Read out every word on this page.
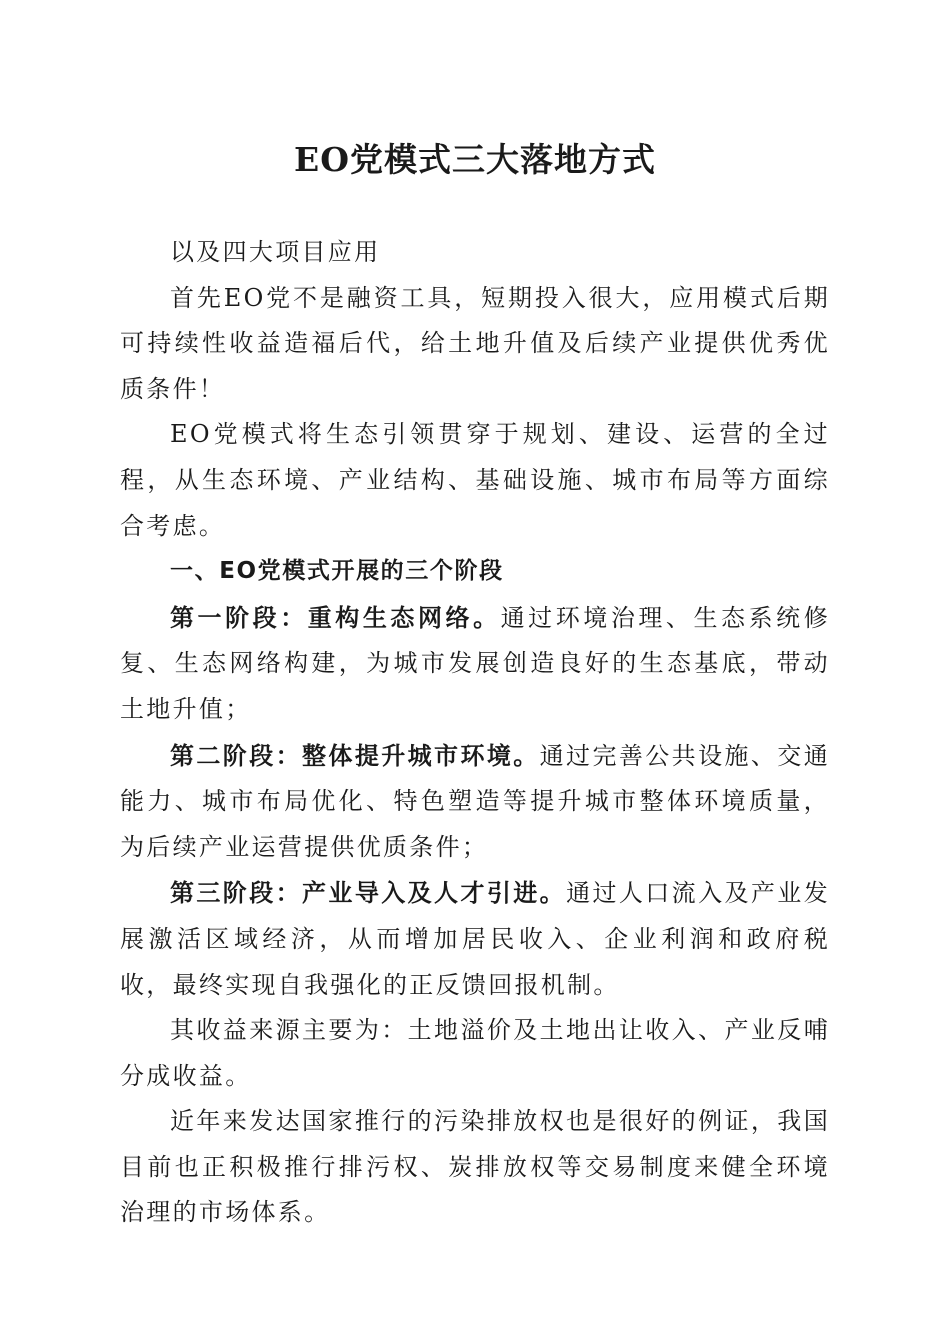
EO党模式三大落地方式

以及四大项目应用

首先EO党不是融资工具，短期投入很大，应用模式后期可持续性收益造福后代，给土地升值及后续产业提供优秀优质条件！

EO党模式将生态引领贯穿于规划、建设、运营的全过程，从生态环境、产业结构、基础设施、城市布局等方面综合考虑。

一、EO党模式开展的三个阶段

第一阶段：重构生态网络。通过环境治理、生态系统修复、生态网络构建，为城市发展创造良好的生态基底，带动土地升值；

第二阶段：整体提升城市环境。通过完善公共设施、交通能力、城市布局优化、特色塑造等提升城市整体环境质量，为后续产业运营提供优质条件；

第三阶段：产业导入及人才引进。通过人口流入及产业发展激活区域经济，从而增加居民收入、企业利润和政府税收，最终实现自我强化的正反馈回报机制。

其收益来源主要为：土地溢价及土地出让收入、产业反哺分成收益。

近年来发达国家推行的污染排放权也是很好的例证，我国目前也正积极推行排污权、炭排放权等交易制度来健全环境治理的市场体系。
